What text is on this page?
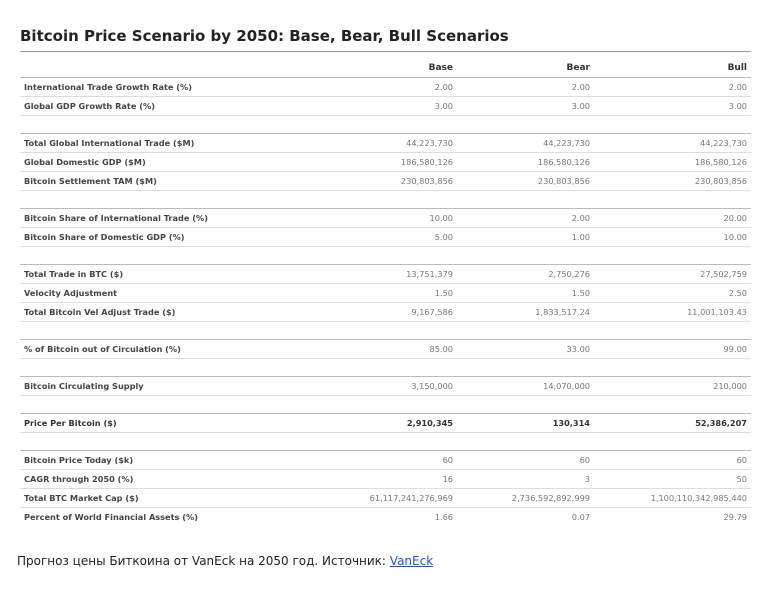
Bitcoin Price Scenario by 2050: Base, Bear, Bull Scenarios
	Base	Bear	Bull
International Trade Growth Rate (%)	2.00	2.00	2.00
Global GDP Growth Rate (%)	3.00	3.00	3.00

Total Global International Trade ($M)	44,223,730	44,223,730	44,223,730
Global Domestic GDP ($M)	186,580,126	186,580,126	186,580,126
Bitcoin Settlement TAM ($M)	230,803,856	230,803,856	230,803,856

Bitcoin Share of International Trade (%)	10.00	2.00	20.00
Bitcoin Share of Domestic GDP (%)	5.00	1.00	10.00

Total Trade in BTC ($)	13,751,379	2,750,276	27,502,759
Velocity Adjustment	1.50	1.50	2.50
Total Bitcoin Vel Adjust Trade ($)	9,167,586	1,833,517.24	11,001,103.43

% of Bitcoin out of Circulation (%)	85.00	33.00	99.00

Bitcoin Circulating Supply	3,150,000	14,070,000	210,000

Price Per Bitcoin ($)	2,910,345	130,314	52,386,207

Bitcoin Price Today ($k)	60	60	60
CAGR through 2050 (%)	16	3	50
Total BTC Market Cap ($)	61,117,241,276,969	2,736,592,892,999	1,100,110,342,985,440
Percent of World Financial Assets (%)	1.66	0.07	29.79

Прогноз цены Биткоина от VanEck на 2050 год. Источник: VanEck
